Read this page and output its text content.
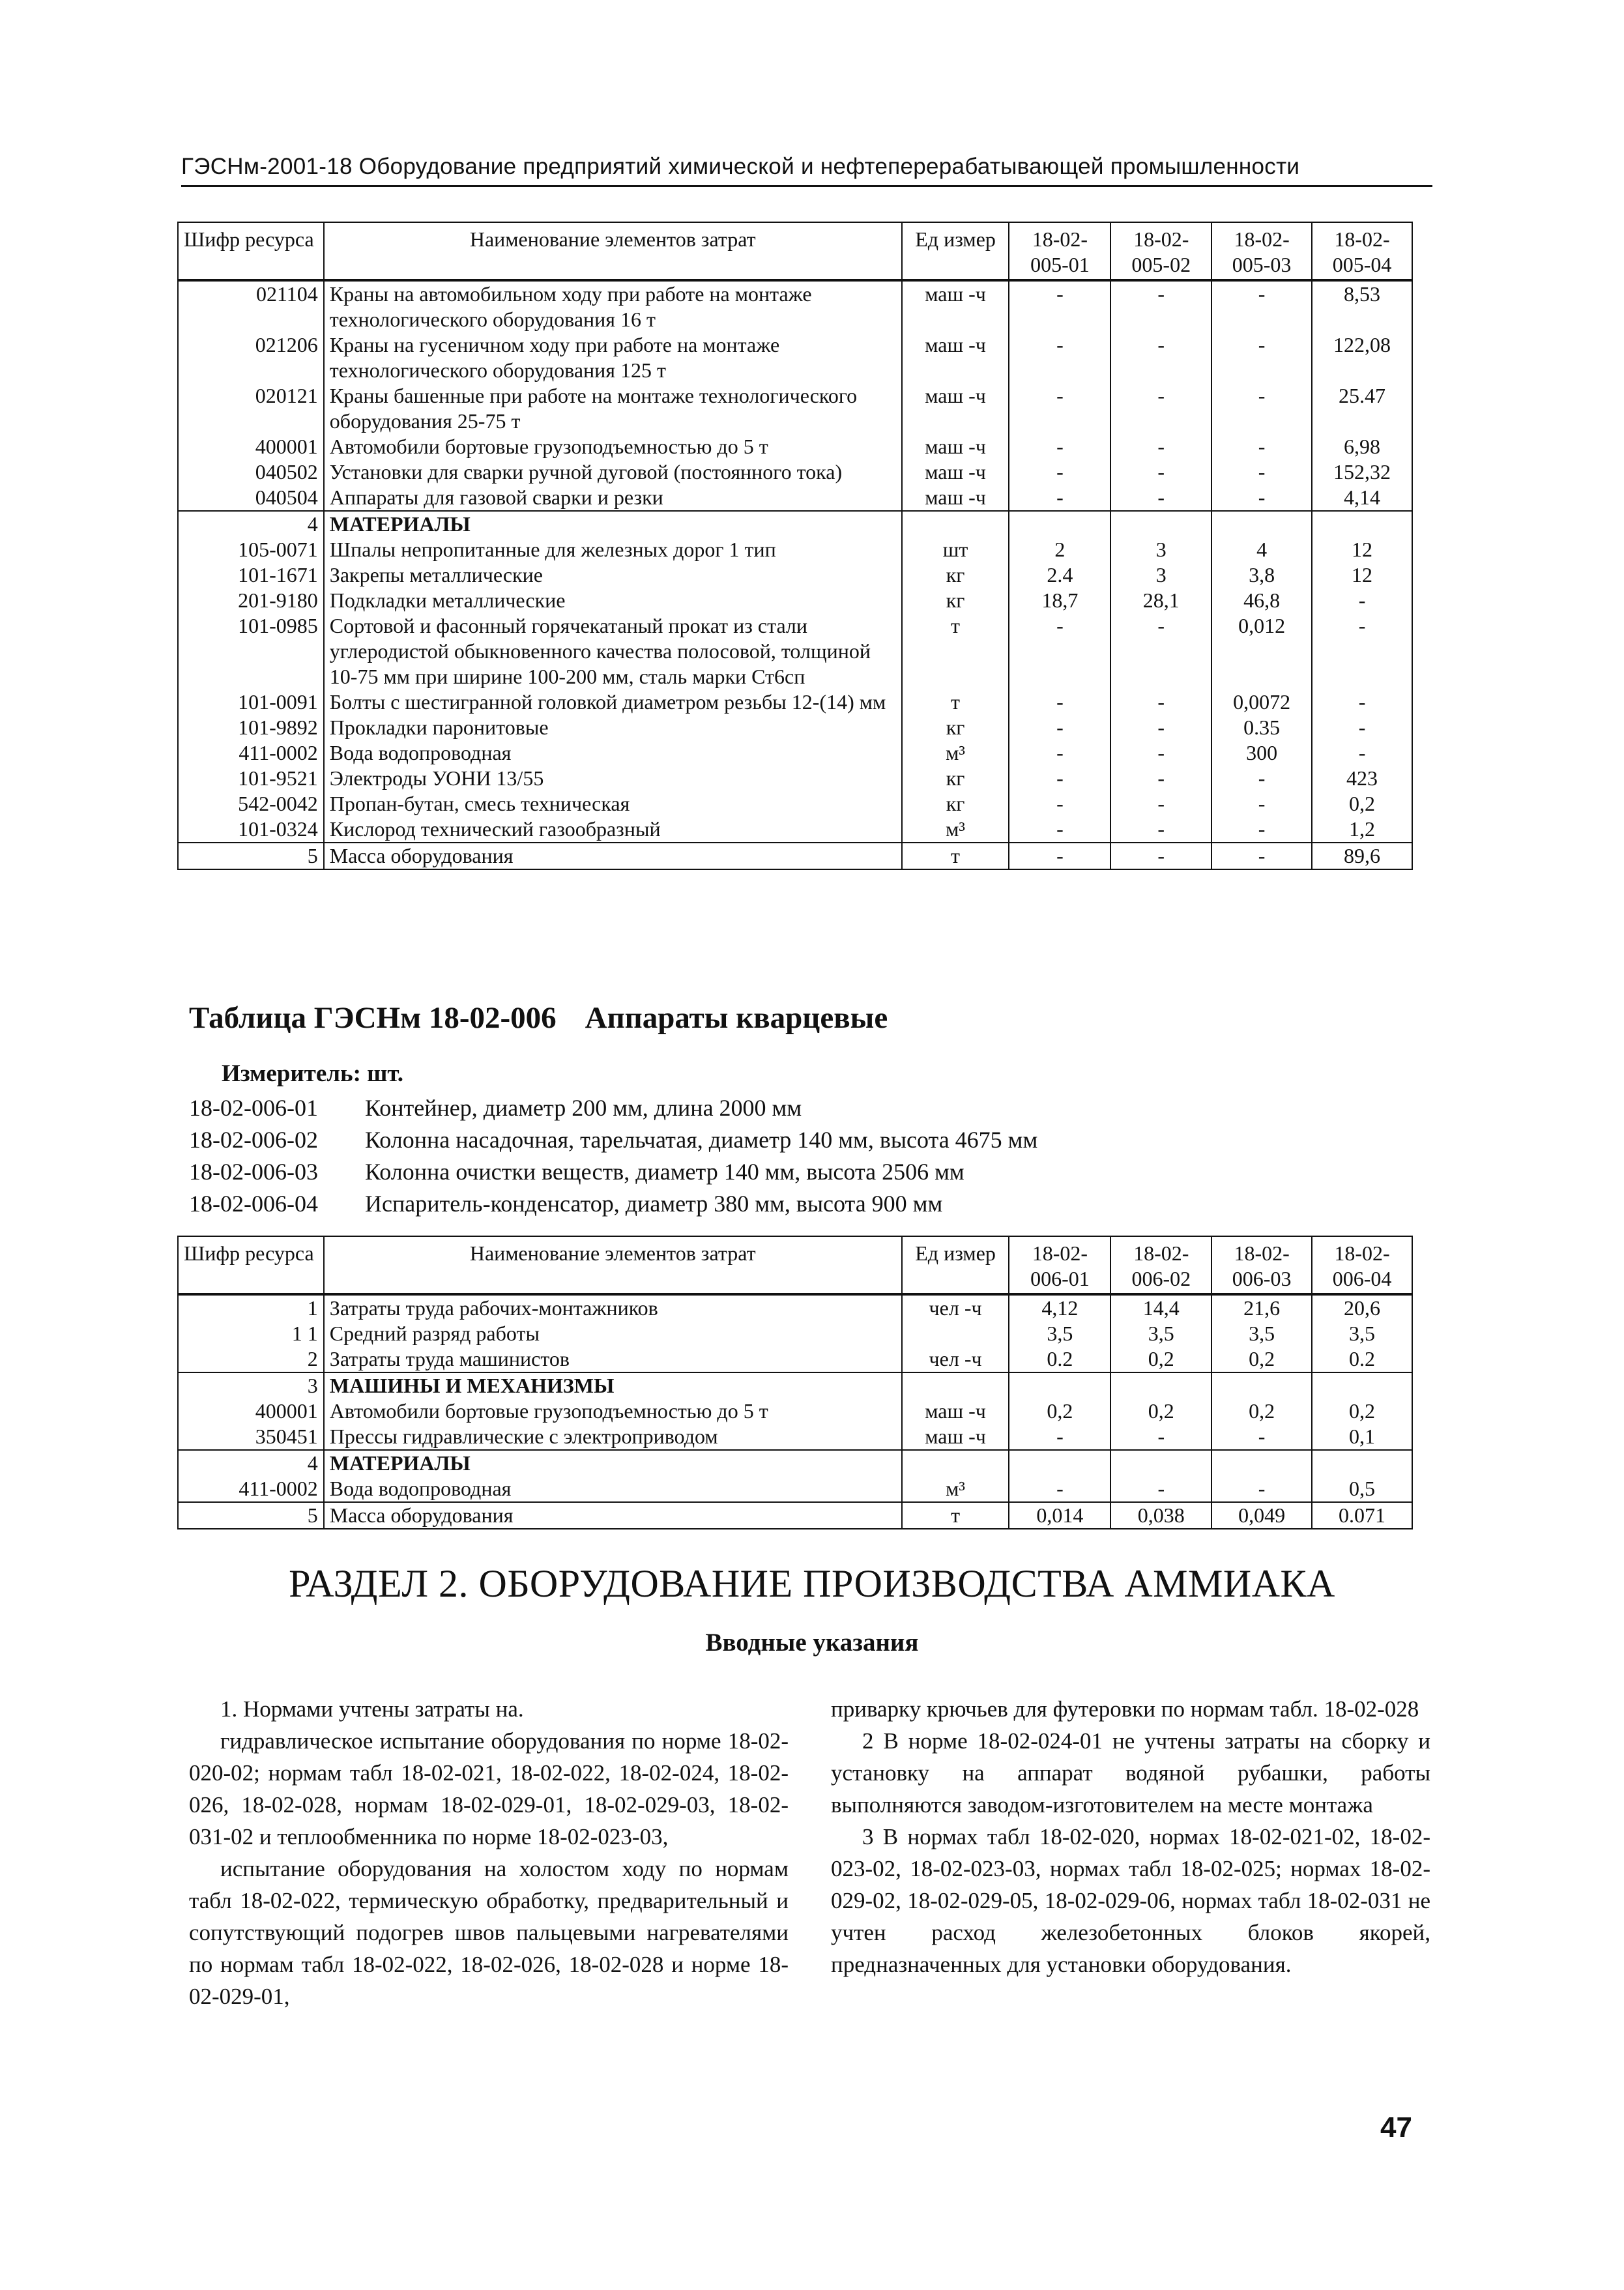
ГЭСНм-2001-18 Оборудование предприятий химической и нефтеперерабатывающей промышленности
Шифр ресурса	Наименование элементов затрат	Ед измер	18-02-005-01	18-02-005-02	18-02-005-03	18-02-005-04
021104	Краны на автомобильном ходу при работе на монтаже технологического оборудования 16 т	маш -ч	-	-	-	8,53
021206	Краны на гусеничном ходу при работе на монтаже технологического оборудования 125 т	маш -ч	-	-	-	122,08
020121	Краны башенные при работе на монтаже технологического оборудования 25-75 т	маш -ч	-	-	-	25.47
400001	Автомобили бортовые грузоподъемностью до 5 т	маш -ч	-	-	-	6,98
040502	Установки для сварки ручной дуговой (постоянного тока)	маш -ч	-	-	-	152,32
040504	Аппараты для газовой сварки и резки	маш -ч	-	-	-	4,14
4	МАТЕРИАЛЫ					
105-0071	Шпалы непропитанные для железных дорог 1 тип	шт	2	3	4	12
101-1671	Закрепы металлические	кг	2.4	3	3,8	12
201-9180	Подкладки металлические	кг	18,7	28,1	46,8	-
101-0985	Сортовой и фасонный горячекатаный прокат из стали углеродистой обыкновенного качества полосовой, толщиной 10-75 мм при ширине 100-200 мм, сталь марки Ст6сп	т	-	-	0,012	-
101-0091	Болты с шестигранной головкой диаметром резьбы 12-(14) мм	т	-	-	0,0072	-
101-9892	Прокладки паронитовые	кг	-	-	0.35	-
411-0002	Вода водопроводная	м³	-	-	300	-
101-9521	Электроды УОНИ 13/55	кг	-	-	-	423
542-0042	Пропан-бутан, смесь техническая	кг	-	-	-	0,2
101-0324	Кислород технический газообразный	м³	-	-	-	1,2
5	Масса оборудования	т	-	-	-	89,6
Таблица ГЭСНм 18-02-006 Аппараты кварцевые
Измеритель: шт.
18-02-006-01 Контейнер, диаметр 200 мм, длина 2000 мм
18-02-006-02 Колонна насадочная, тарельчатая, диаметр 140 мм, высота 4675 мм
18-02-006-03 Колонна очистки веществ, диаметр 140 мм, высота 2506 мм
18-02-006-04 Испаритель-конденсатор, диаметр 380 мм, высота 900 мм
Шифр ресурса	Наименование элементов затрат	Ед измер	18-02-006-01	18-02-006-02	18-02-006-03	18-02-006-04
1	Затраты труда рабочих-монтажников	чел -ч	4,12	14,4	21,6	20,6
1 1	Средний разряд работы		3,5	3,5	3,5	3,5
2	Затраты труда машинистов	чел -ч	0.2	0,2	0,2	0.2
3	МАШИНЫ И МЕХАНИЗМЫ					
400001	Автомобили бортовые грузоподъемностью до 5 т	маш -ч	0,2	0,2	0,2	0,2
350451	Прессы гидравлические с электроприводом	маш -ч	-	-	-	0,1
4	МАТЕРИАЛЫ					
411-0002	Вода водопроводная	м³	-	-	-	0,5
5	Масса оборудования	т	0,014	0,038	0,049	0.071
РАЗДЕЛ 2. ОБОРУДОВАНИЕ ПРОИЗВОДСТВА АММИАКА
Вводные указания

1. Нормами учтены затраты на.

гидравлическое испытание оборудования по норме 18-02-020-02; нормам табл 18-02-021, 18-02-022, 18-02-024, 18-02-026, 18-02-028, нормам 18-02-029-01, 18-02-029-03, 18-02-031-02 и теплообменника по норме 18-02-023-03,

испытание оборудования на холостом ходу по нормам табл 18-02-022, термическую обработку, предварительный и сопутствующий подогрев швов пальцевыми нагревателями по нормам табл 18-02-022, 18-02-026, 18-02-028 и норме 18-02-029-01,

приварку крючьев для футеровки по нормам табл. 18-02-028

2 В норме 18-02-024-01 не учтены затраты на сборку и установку на аппарат водяной рубашки, работы выполняются заводом-изготовителем на месте монтажа

3 В нормах табл 18-02-020, нормах 18-02-021-02, 18-02-023-02, 18-02-023-03, нормах табл 18-02-025; нормах 18-02-029-02, 18-02-029-05, 18-02-029-06, нормах табл 18-02-031 не учтен расход железобетонных блоков якорей, предназначенных для установки оборудования.

47
